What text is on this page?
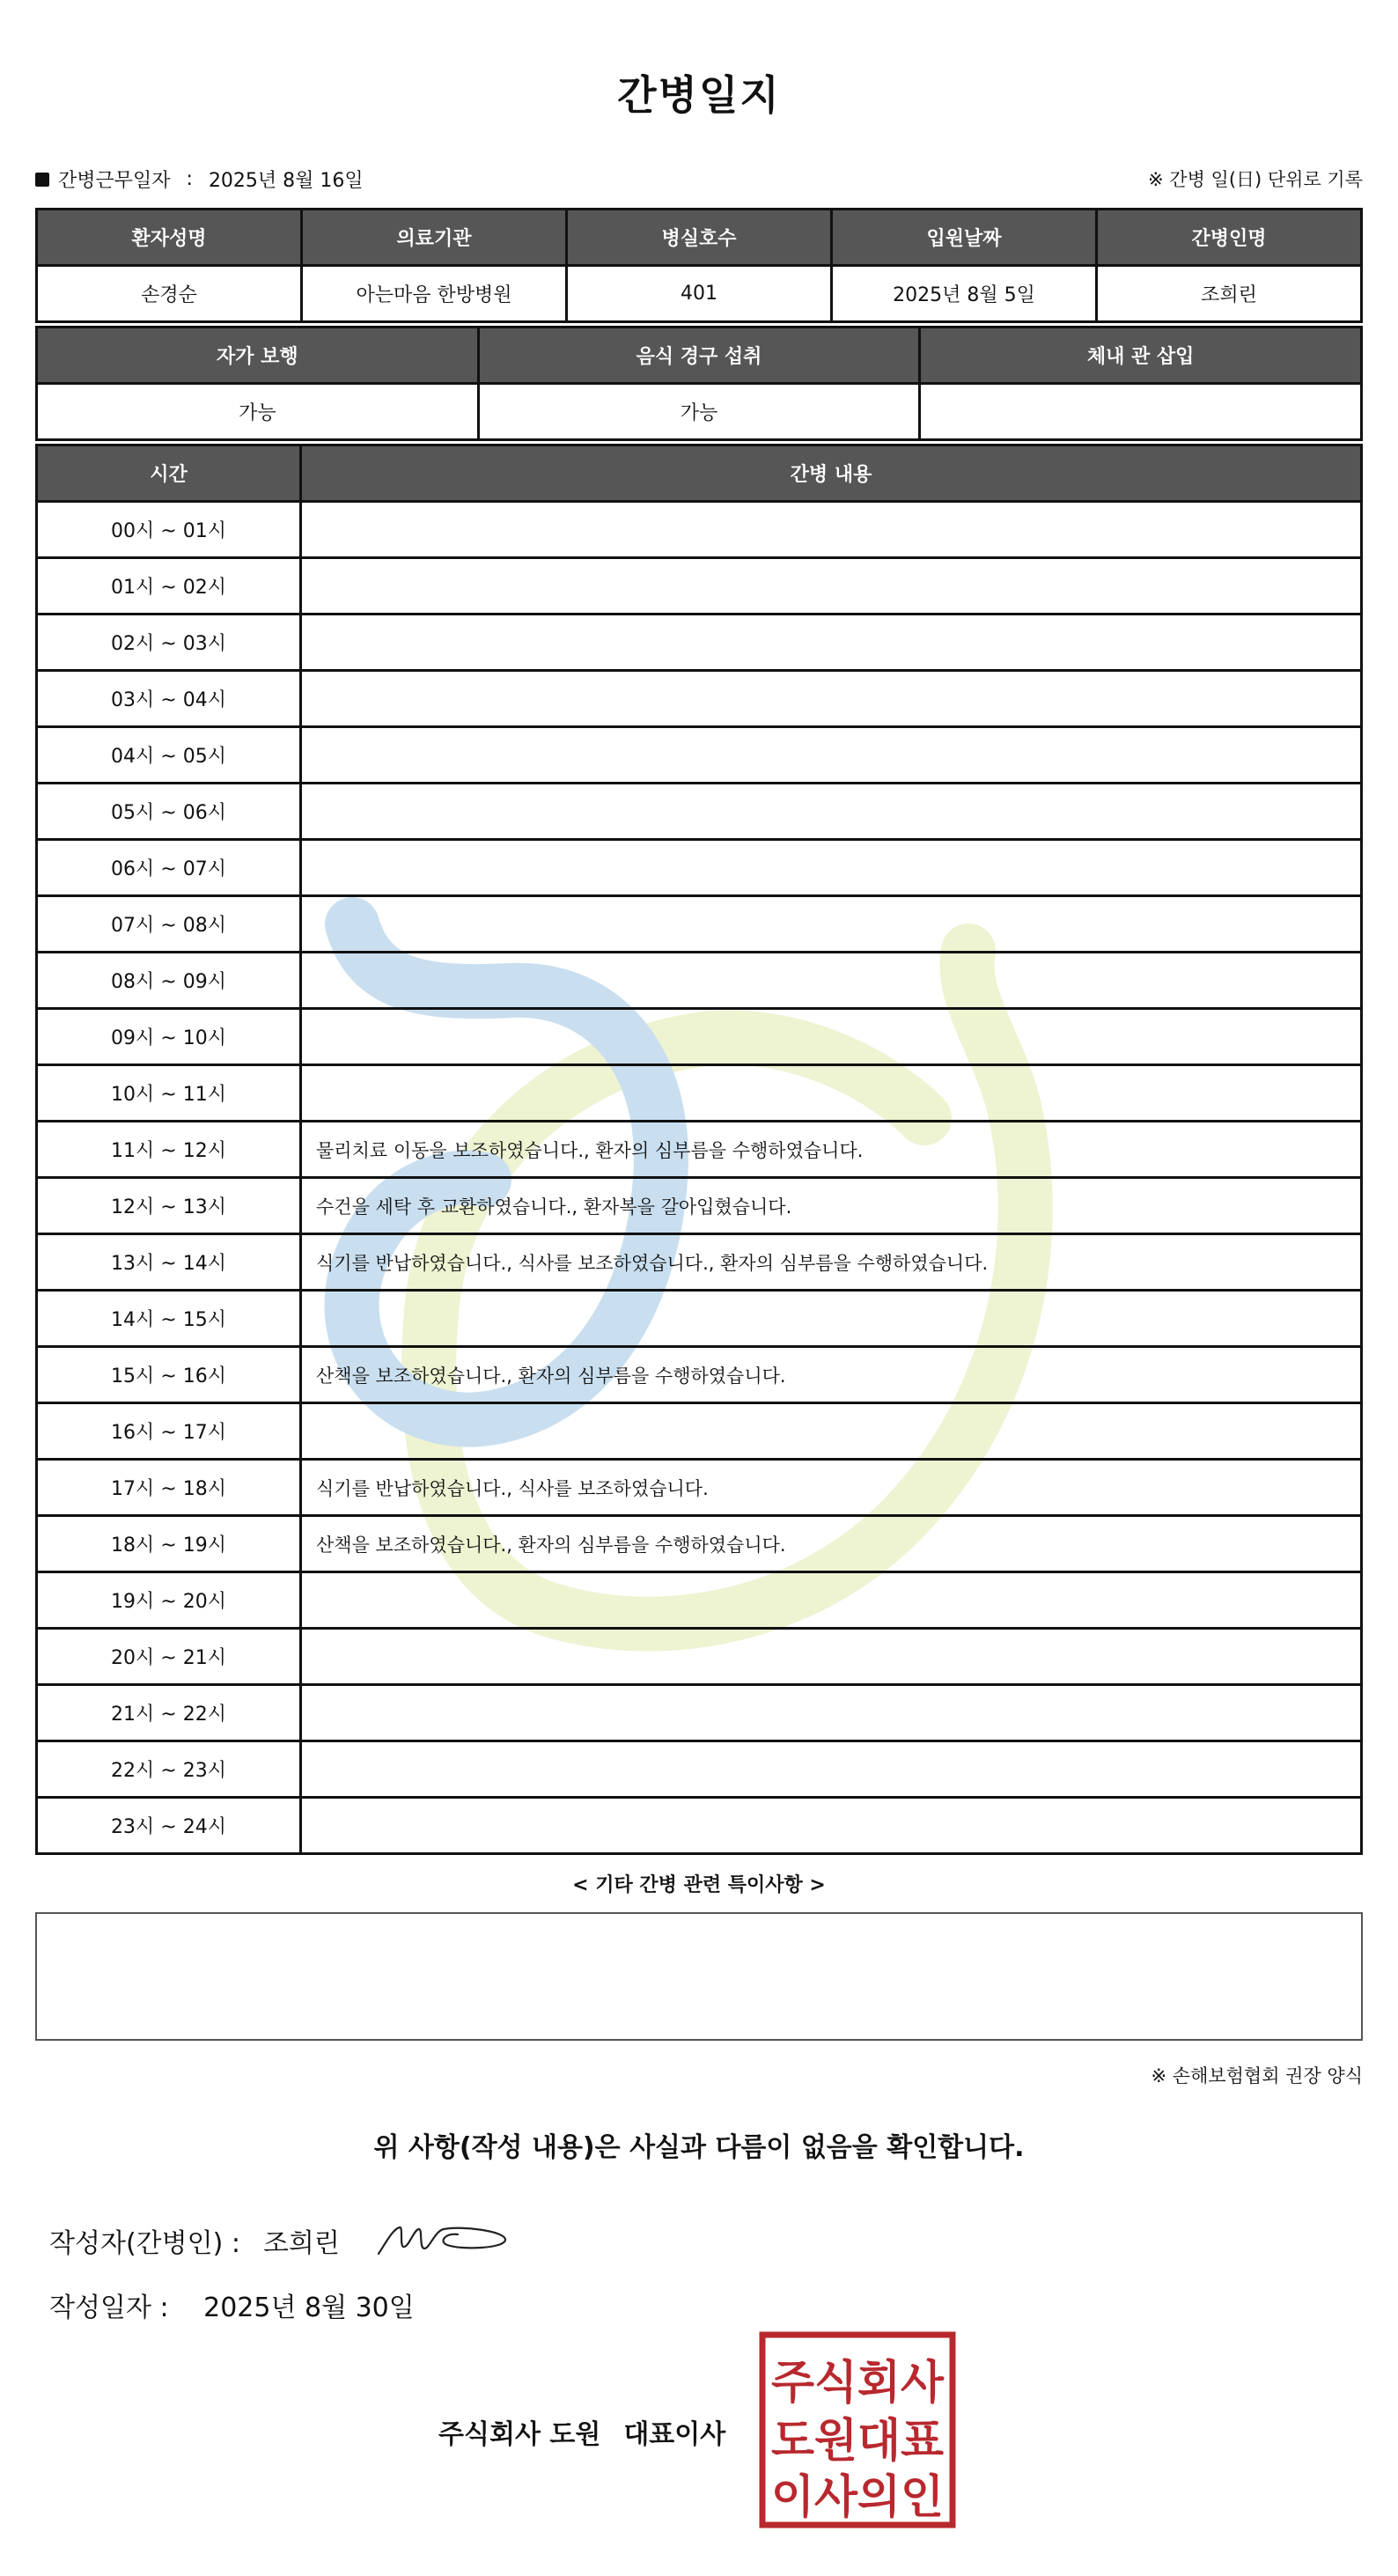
간병일지
간병근무일자 : 2025년 8월 16일	※ 간병 일(日) 단위로 기록
환자성명	의료기관	병실호수	입원날짜	간병인명
손경순	아는마음 한방병원	401	2025년 8월 5일	조희린
자가 보행	음식 경구 섭취	체내 관 삽입
가능	가능	
시간	간병 내용
00시 ~ 01시	
01시 ~ 02시	
02시 ~ 03시	
03시 ~ 04시	
04시 ~ 05시	
05시 ~ 06시	
06시 ~ 07시	
07시 ~ 08시	
08시 ~ 09시	
09시 ~ 10시	
10시 ~ 11시	
11시 ~ 12시	물리치료 이동을 보조하였습니다., 환자의 심부름을 수행하였습니다.
12시 ~ 13시	수건을 세탁 후 교환하였습니다., 환자복을 갈아입혔습니다.
13시 ~ 14시	식기를 반납하였습니다., 식사를 보조하였습니다., 환자의 심부름을 수행하였습니다.
14시 ~ 15시	
15시 ~ 16시	산책을 보조하였습니다., 환자의 심부름을 수행하였습니다.
16시 ~ 17시	
17시 ~ 18시	식기를 반납하였습니다., 식사를 보조하였습니다.
18시 ~ 19시	산책을 보조하였습니다., 환자의 심부름을 수행하였습니다.
19시 ~ 20시	
20시 ~ 21시	
21시 ~ 22시	
22시 ~ 23시	
23시 ~ 24시	
< 기타 간병 관련 특이사항 >
※ 손해보험협회 권장 양식
위 사항(작성 내용)은 사실과 다름이 없음을 확인합니다.
작성자(간병인) : 조희린
작성일자 : 2025년 8월 30일
주식회사 도원 대표이사
주식회사
도원대표
이사의인
